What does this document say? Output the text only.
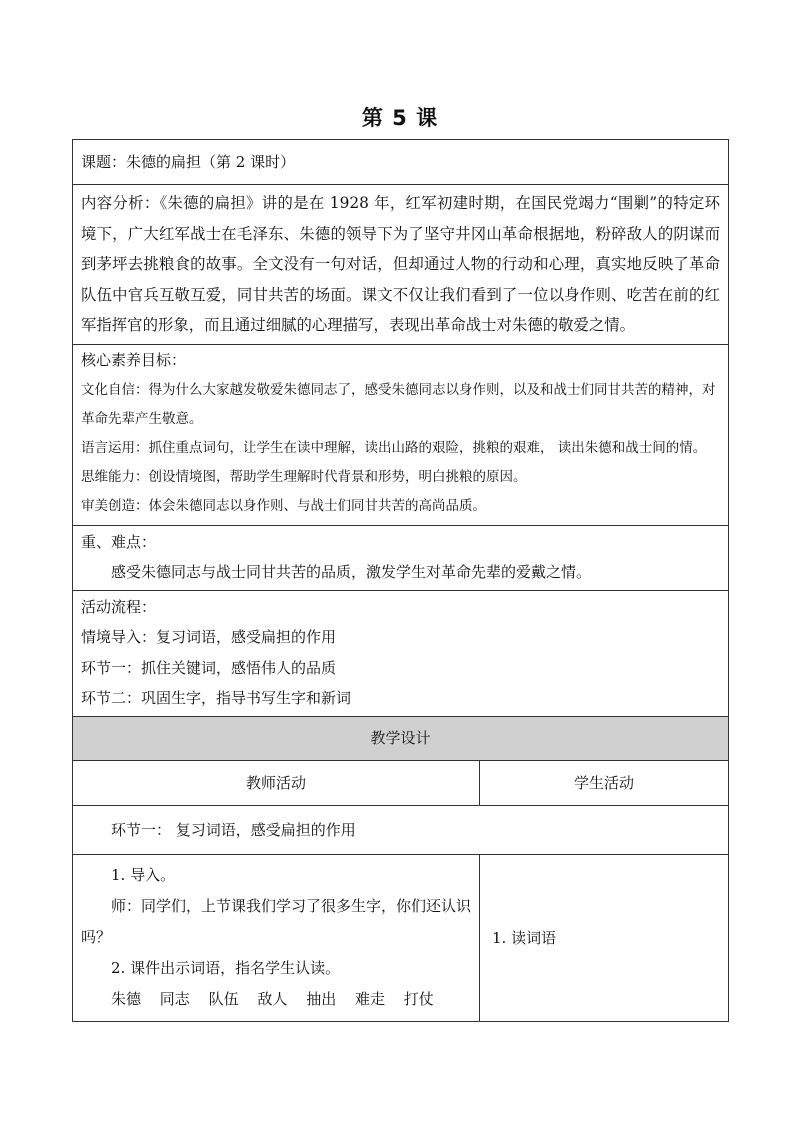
第 5 课
课题：朱德的扁担（第 2 课时）	
内容分析：《朱德的扁担》讲的是在 1928 年，红军初建时期，在国民党竭力“围剿”的特定环境下，广大红军战士在毛泽东、朱德的领导下为了坚守井冈山革命根据地，粉碎敌人的阴谋而到茅坪去挑粮食的故事。全文没有一句对话，但却通过人物的行动和心理，真实地反映了革命队伍中官兵互敬互爱，同甘共苦的场面。课文不仅让我们看到了一位以身作则、吃苦在前的红军指挥官的形象，而且通过细腻的心理描写，表现出革命战士对朱德的敬爱之情。	

核心素养目标：

文化自信：得为什么大家越发敬爱朱德同志了，感受朱德同志以身作则，以及和战士们同甘共苦的精神，对革命先辈产生敬意。

语言运用：抓住重点词句，让学生在读中理解，读出山路的艰险，挑粮的艰难， 读出朱德和战士间的情。

思维能力：创设情境图，帮助学生理解时代背景和形势，明白挑粮的原因。

审美创造：体会朱德同志以身作则、与战士们同甘共苦的高尚品质。	

重、难点：

感受朱德同志与战士同甘共苦的品质，激发学生对革命先辈的爱戴之情。	

活动流程：

情境导入：复习词语，感受扁担的作用

环节一：抓住关键词，感悟伟人的品质

环节二：巩固生字，指导书写生字和新词	

教学设计	
教师活动	学生活动
环节一： 复习词语，感受扁担的作用	

1. 导入。

师：同学们，上节课我们学习了很多生字，你们还认识吗？

2. 课件出示词语，指名学生认读。

朱德 同志 队伍 敌人 抽出 难走 打仗	1. 读词语
